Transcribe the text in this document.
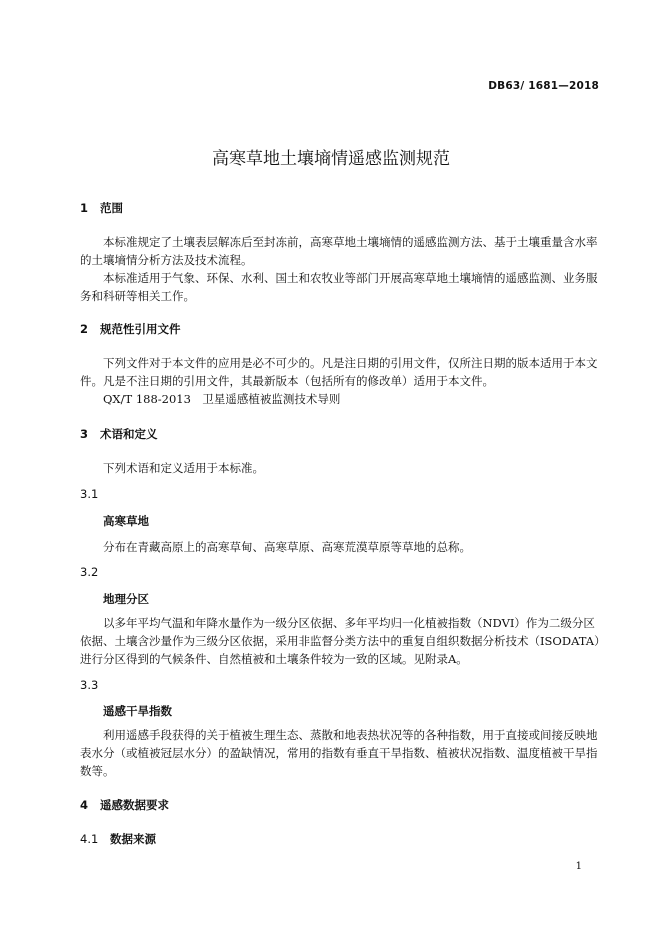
DB63/ 1681—2018
高寒草地土壤墒情遥感监测规范
1 范围
本标准规定了土壤表层解冻后至封冻前，高寒草地土壤墒情的遥感监测方法、基于土壤重量含水率的土壤墒情分析方法及技术流程。
本标准适用于气象、环保、水利、国土和农牧业等部门开展高寒草地土壤墒情的遥感监测、业务服务和科研等相关工作。
2 规范性引用文件
下列文件对于本文件的应用是必不可少的。凡是注日期的引用文件，仅所注日期的版本适用于本文件。凡是不注日期的引用文件，其最新版本（包括所有的修改单）适用于本文件。
QX/T 188-2013　卫星遥感植被监测技术导则
3 术语和定义
下列术语和定义适用于本标准。
3.1
高寒草地
分布在青藏高原上的高寒草甸、高寒草原、高寒荒漠草原等草地的总称。
3.2
地理分区
以多年平均气温和年降水量作为一级分区依据、多年平均归一化植被指数（NDVI）作为二级分区依据、土壤含沙量作为三级分区依据，采用非监督分类方法中的重复自组织数据分析技术（ISODATA）进行分区得到的气候条件、自然植被和土壤条件较为一致的区域。见附录A。
3.3
遥感干旱指数
利用遥感手段获得的关于植被生理生态、蒸散和地表热状况等的各种指数，用于直接或间接反映地表水分（或植被冠层水分）的盈缺情况，常用的指数有垂直干旱指数、植被状况指数、温度植被干旱指数等。
4 遥感数据要求
4.1 数据来源
1
